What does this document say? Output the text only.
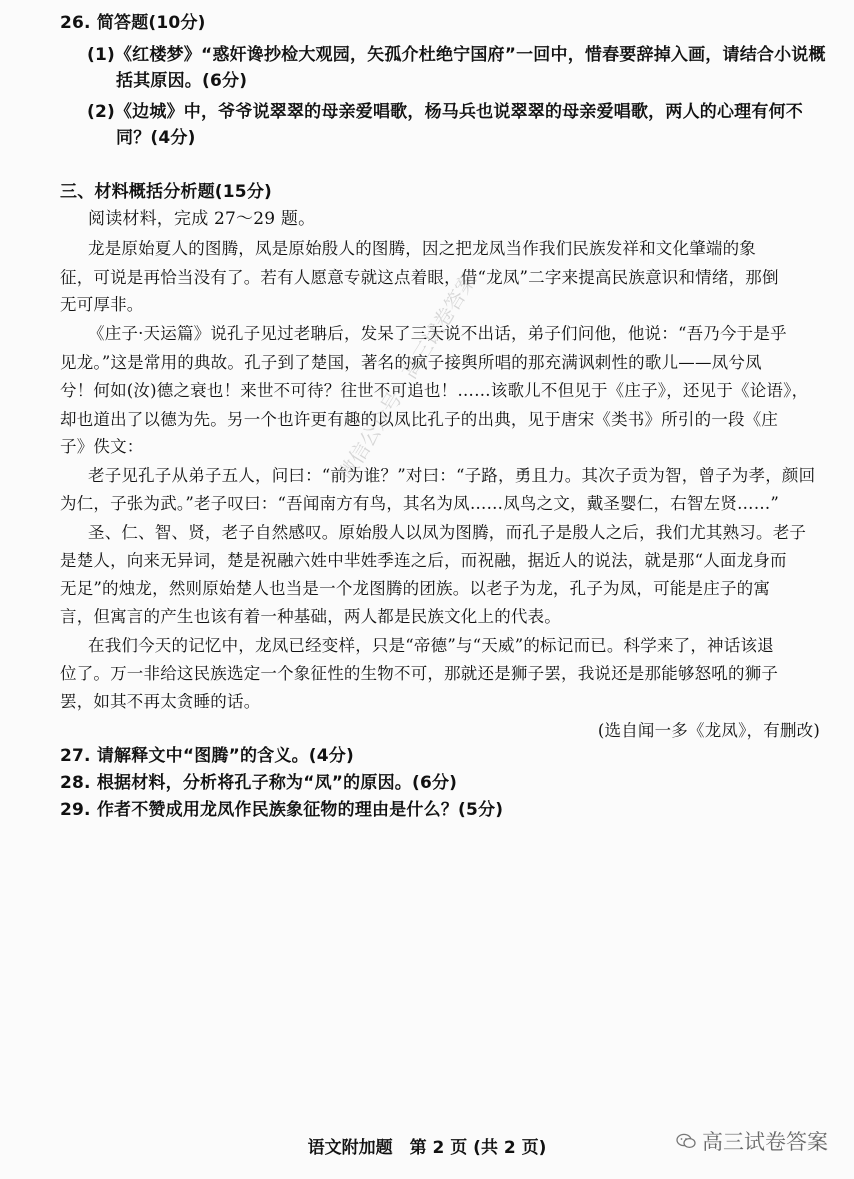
26. 简答题(10分)
(1)《红楼梦》“惑奸谗抄检大观园，矢孤介杜绝宁国府”一回中，惜春要辞掉入画，请结合小说概
括其原因。(6分)
(2)《边城》中，爷爷说翠翠的母亲爱唱歌，杨马兵也说翠翠的母亲爱唱歌，两人的心理有何不
同？(4分)
三、材料概括分析题(15分)
阅读材料，完成 27～29 题。
龙是原始夏人的图腾，凤是原始殷人的图腾，因之把龙凤当作我们民族发祥和文化肇端的象
征，可说是再恰当没有了。若有人愿意专就这点着眼，借“龙凤”二字来提高民族意识和情绪，那倒
无可厚非。
《庄子·天运篇》说孔子见过老聃后，发呆了三天说不出话，弟子们问他，他说：“吾乃今于是乎
见龙。”这是常用的典故。孔子到了楚国，著名的疯子接舆所唱的那充满讽刺性的歌儿——凤兮凤
兮！何如(汝)德之衰也！来世不可待？往世不可追也！……该歌儿不但见于《庄子》，还见于《论语》，
却也道出了以德为先。另一个也许更有趣的以凤比孔子的出典，见于唐宋《类书》所引的一段《庄
子》佚文：
老子见孔子从弟子五人，问曰：“前为谁？”对曰：“子路，勇且力。其次子贡为智，曾子为孝，颜回
为仁，子张为武。”老子叹曰：“吾闻南方有鸟，其名为凤……凤鸟之文，戴圣婴仁，右智左贤……”
圣、仁、智、贤，老子自然感叹。原始殷人以凤为图腾，而孔子是殷人之后，我们尤其熟习。老子
是楚人，向来无异词，楚是祝融六姓中芈姓季连之后，而祝融，据近人的说法，就是那“人面龙身而
无足”的烛龙，然则原始楚人也当是一个龙图腾的团族。以老子为龙，孔子为凤，可能是庄子的寓
言，但寓言的产生也该有着一种基础，两人都是民族文化上的代表。
在我们今天的记忆中，龙凤已经变样，只是“帝德”与“天威”的标记而已。科学来了，神话该退
位了。万一非给这民族选定一个象征性的生物不可，那就还是狮子罢，我说还是那能够怒吼的狮子
罢，如其不再太贪睡的话。
(选自闻一多《龙凤》，有删改)
27. 请解释文中“图腾”的含义。(4分)
28. 根据材料，分析将孔子称为“凤”的原因。(6分)
29. 作者不赞成用龙凤作民族象征物的理由是什么？(5分)
微信公众号：高三试卷答案
语文附加题　第 2 页 (共 2 页)	高三试卷答案
